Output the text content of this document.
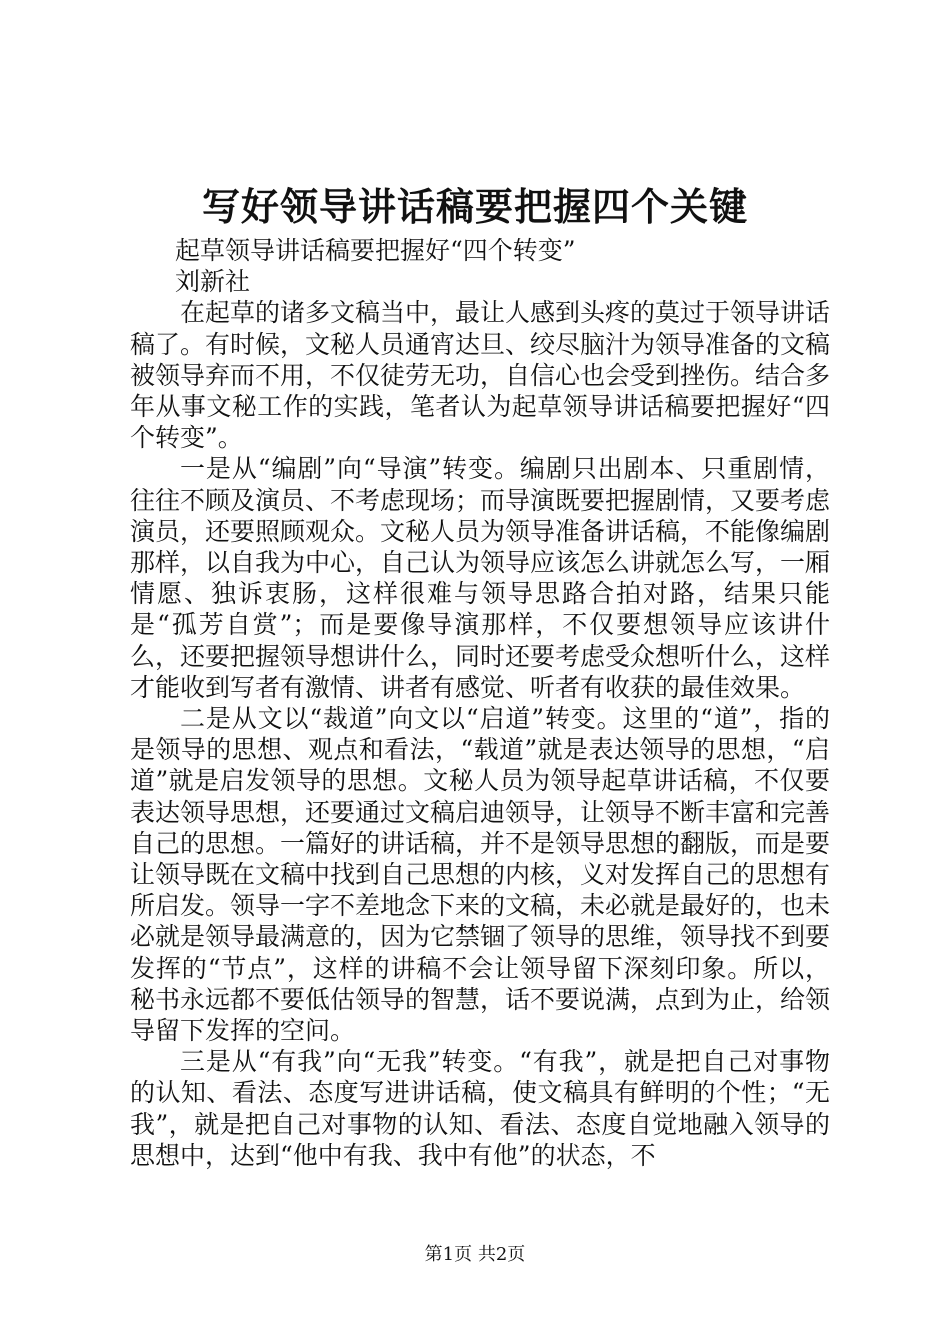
写好领导讲话稿要把握四个关键

起草领导讲话稿要把握好“四个转变”

刘新社

在起草的诸多文稿当中，最让人感到头疼的莫过于领导讲话稿了。有时候，文秘人员通宵达旦、绞尽脑汁为领导准备的文稿被领导弃而不用，不仅徒劳无功，自信心也会受到挫伤。结合多年从事文秘工作的实践，笔者认为起草领导讲话稿要把握好“四个转变”。

一是从“编剧”向“导演”转变。编剧只出剧本、只重剧情，往往不顾及演员、不考虑现场；而导演既要把握剧情，又要考虑演员，还要照顾观众。文秘人员为领导准备讲话稿，不能像编剧那样，以自我为中心，自己认为领导应该怎么讲就怎么写，一厢情愿、独诉衷肠，这样很难与领导思路合拍对路，结果只能是“孤芳自赏”；而是要像导演那样，不仅要想领导应该讲什么，还要把握领导想讲什么，同时还要考虑受众想听什么，这样才能收到写者有激情、讲者有感觉、听者有收获的最佳效果。

二是从文以“裁道”向文以“启道”转变。这里的“道”，指的是领导的思想、观点和看法，“载道”就是表达领导的思想，“启道”就是启发领导的思想。文秘人员为领导起草讲话稿，不仅要表达领导思想，还要通过文稿启迪领导，让领导不断丰富和完善自己的思想。一篇好的讲话稿，并不是领导思想的翻版，而是要让领导既在文稿中找到自己思想的内核，义对发挥自己的思想有所启发。领导一字不差地念下来的文稿，未必就是最好的，也未必就是领导最满意的，因为它禁锢了领导的思维，领导找不到要发挥的“节点”，这样的讲稿不会让领导留下深刻印象。所以，秘书永远都不要低估领导的智慧，话不要说满，点到为止，给领导留下发挥的空问。

三是从“有我”向“无我”转变。“有我”，就是把自己对事物的认知、看法、态度写进讲话稿，使文稿具有鲜明的个性；“无我”，就是把自己对事物的认知、看法、态度自觉地融入领导的思想中，达到“他中有我、我中有他”的状态，不

第1页 共2页
